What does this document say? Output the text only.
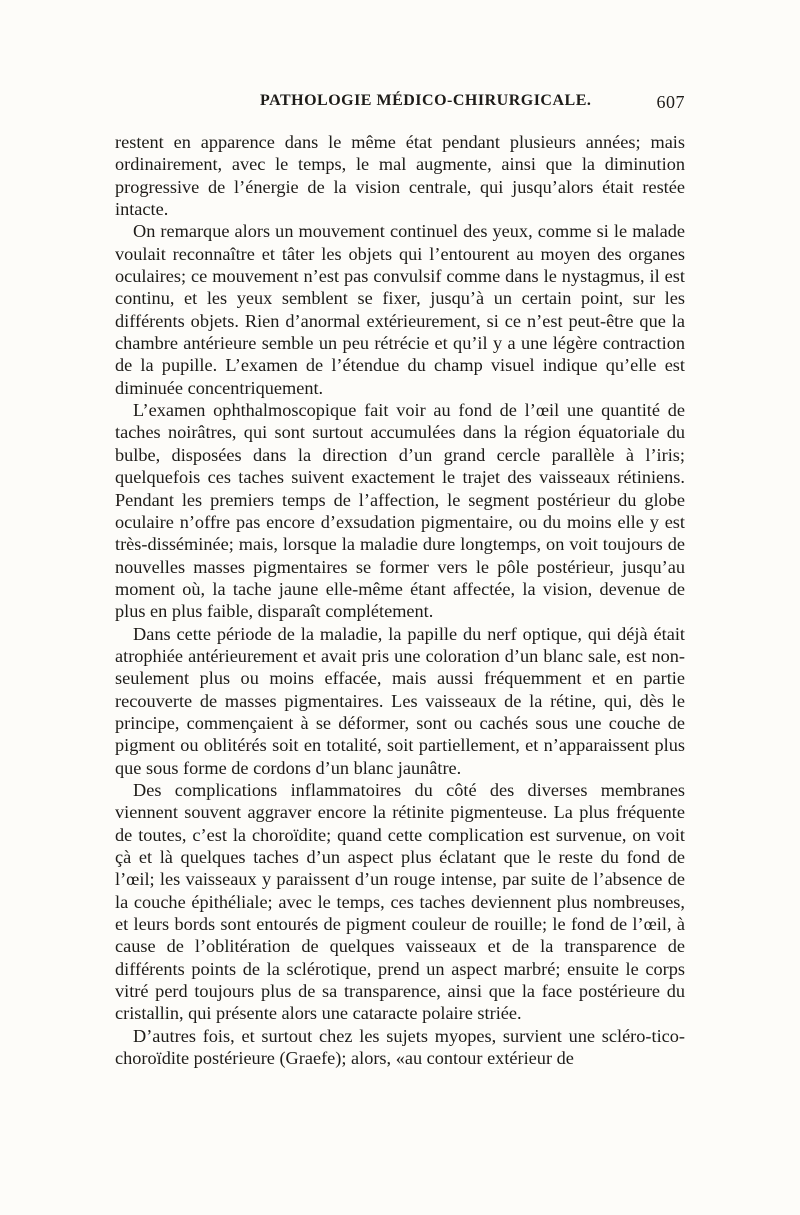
PATHOLOGIE MÉDICO-CHIRURGICALE.	607

restent en apparence dans le même état pendant plusieurs années; mais ordinairement, avec le temps, le mal augmente, ainsi que la diminution progressive de l’énergie de la vision centrale, qui jusqu’alors était restée intacte.

On remarque alors un mouvement continuel des yeux, comme si le malade voulait reconnaître et tâter les objets qui l’entourent au moyen des organes oculaires; ce mouvement n’est pas convulsif comme dans le nystagmus, il est continu, et les yeux semblent se fixer, jusqu’à un certain point, sur les différents objets. Rien d’anormal extérieurement, si ce n’est peut-être que la chambre antérieure semble un peu rétrécie et qu’il y a une légère contraction de la pupille. L’examen de l’étendue du champ visuel indique qu’elle est diminuée concentriquement.

L’examen ophthalmoscopique fait voir au fond de l’œil une quantité de taches noirâtres, qui sont surtout accumulées dans la région équatoriale du bulbe, disposées dans la direction d’un grand cercle parallèle à l’iris; quelquefois ces taches suivent exactement le trajet des vaisseaux rétiniens. Pendant les premiers temps de l’affection, le segment postérieur du globe oculaire n’offre pas encore d’exsudation pigmentaire, ou du moins elle y est très-disséminée; mais, lorsque la maladie dure longtemps, on voit toujours de nouvelles masses pigmentaires se former vers le pôle postérieur, jusqu’au moment où, la tache jaune elle-même étant affectée, la vision, devenue de plus en plus faible, disparaît complétement.

Dans cette période de la maladie, la papille du nerf optique, qui déjà était atrophiée antérieurement et avait pris une coloration d’un blanc sale, est non-seulement plus ou moins effacée, mais aussi fréquemment et en partie recouverte de masses pigmentaires. Les vaisseaux de la rétine, qui, dès le principe, commençaient à se déformer, sont ou cachés sous une couche de pigment ou oblitérés soit en totalité, soit partiellement, et n’apparaissent plus que sous forme de cordons d’un blanc jaunâtre.

Des complications inflammatoires du côté des diverses membranes viennent souvent aggraver encore la rétinite pigmenteuse. La plus fréquente de toutes, c’est la choroïdite; quand cette complication est survenue, on voit çà et là quelques taches d’un aspect plus éclatant que le reste du fond de l’œil; les vaisseaux y paraissent d’un rouge intense, par suite de l’absence de la couche épithéliale; avec le temps, ces taches deviennent plus nombreuses, et leurs bords sont entourés de pigment couleur de rouille; le fond de l’œil, à cause de l’oblitération de quelques vaisseaux et de la transparence de différents points de la sclérotique, prend un aspect marbré; ensuite le corps vitré perd toujours plus de sa transparence, ainsi que la face postérieure du cristallin, qui présente alors une cataracte polaire striée.

D’autres fois, et surtout chez les sujets myopes, survient une scléro-tico-choroïdite postérieure (Graefe); alors, «au contour extérieur de
